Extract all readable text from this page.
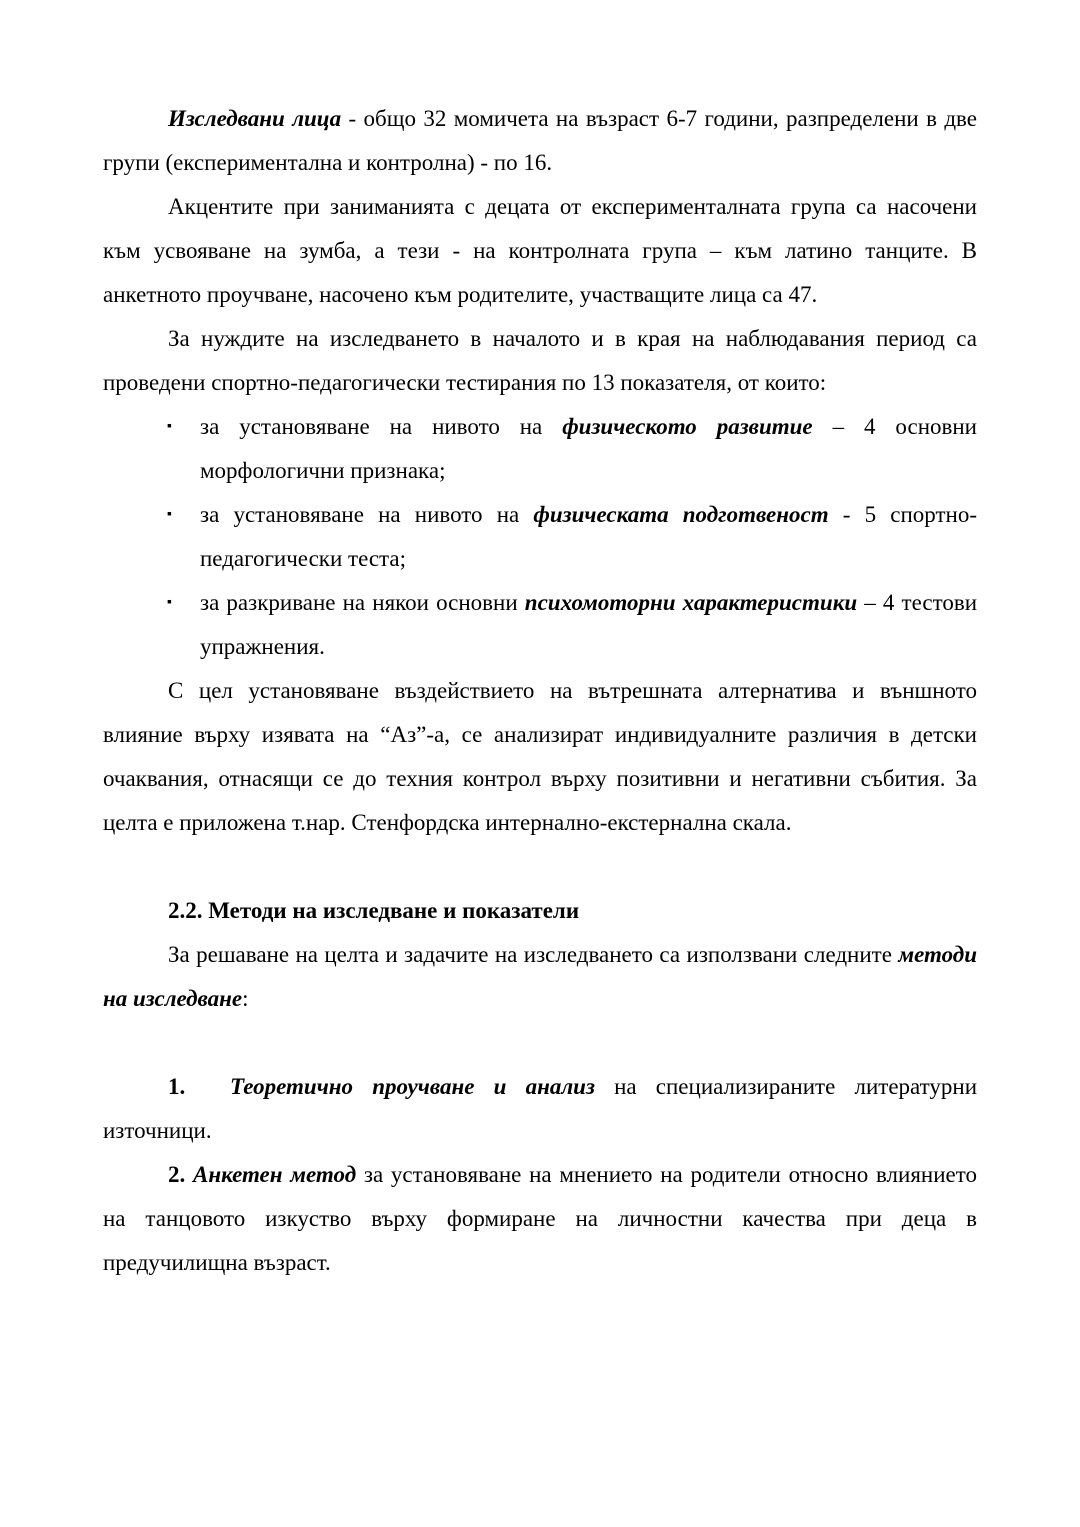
Изследвани лица - общо 32 момичета на възраст 6-7 години, разпределени в две групи (експериментална и контролна) - по 16.

Акцентите при заниманията с децата от експерименталната група са насочени към усвояване на зумба, а тези - на контролната група – към латино танците. В анкетното проучване, насочено към родителите, участващите лица са 47.

За нуждите на изследването в началото и в края на наблюдавания период са проведени спортно-педагогически тестирания по 13 показателя, от които:

▪ за установяване на нивото на физическото развитие – 4 основни морфологични признака;
▪ за установяване на нивото на физическата подготвеност - 5 спортно-педагогически теста;
▪ за разкриване на някои основни психомоторни характеристики – 4 тестови упражнения.

С цел установяване въздействието на вътрешната алтернатива и външното влияние върху изявата на “Аз”-а, се анализират индивидуалните различия в детски очаквания, отнасящи се до техния контрол върху позитивни и негативни събития. За целта е приложена т.нар. Стенфордска интернално-екстернална скала.

2.2. Методи на изследване и показатели

За решаване на целта и задачите на изследването са използвани следните методи на изследване:

1. Теоретично проучване и анализ на специализираните литературни източници.

2. Анкетен метод за установяване на мнението на родители относно влиянието на танцовото изкуство върху формиране на личностни качества при деца в предучилищна възраст.
